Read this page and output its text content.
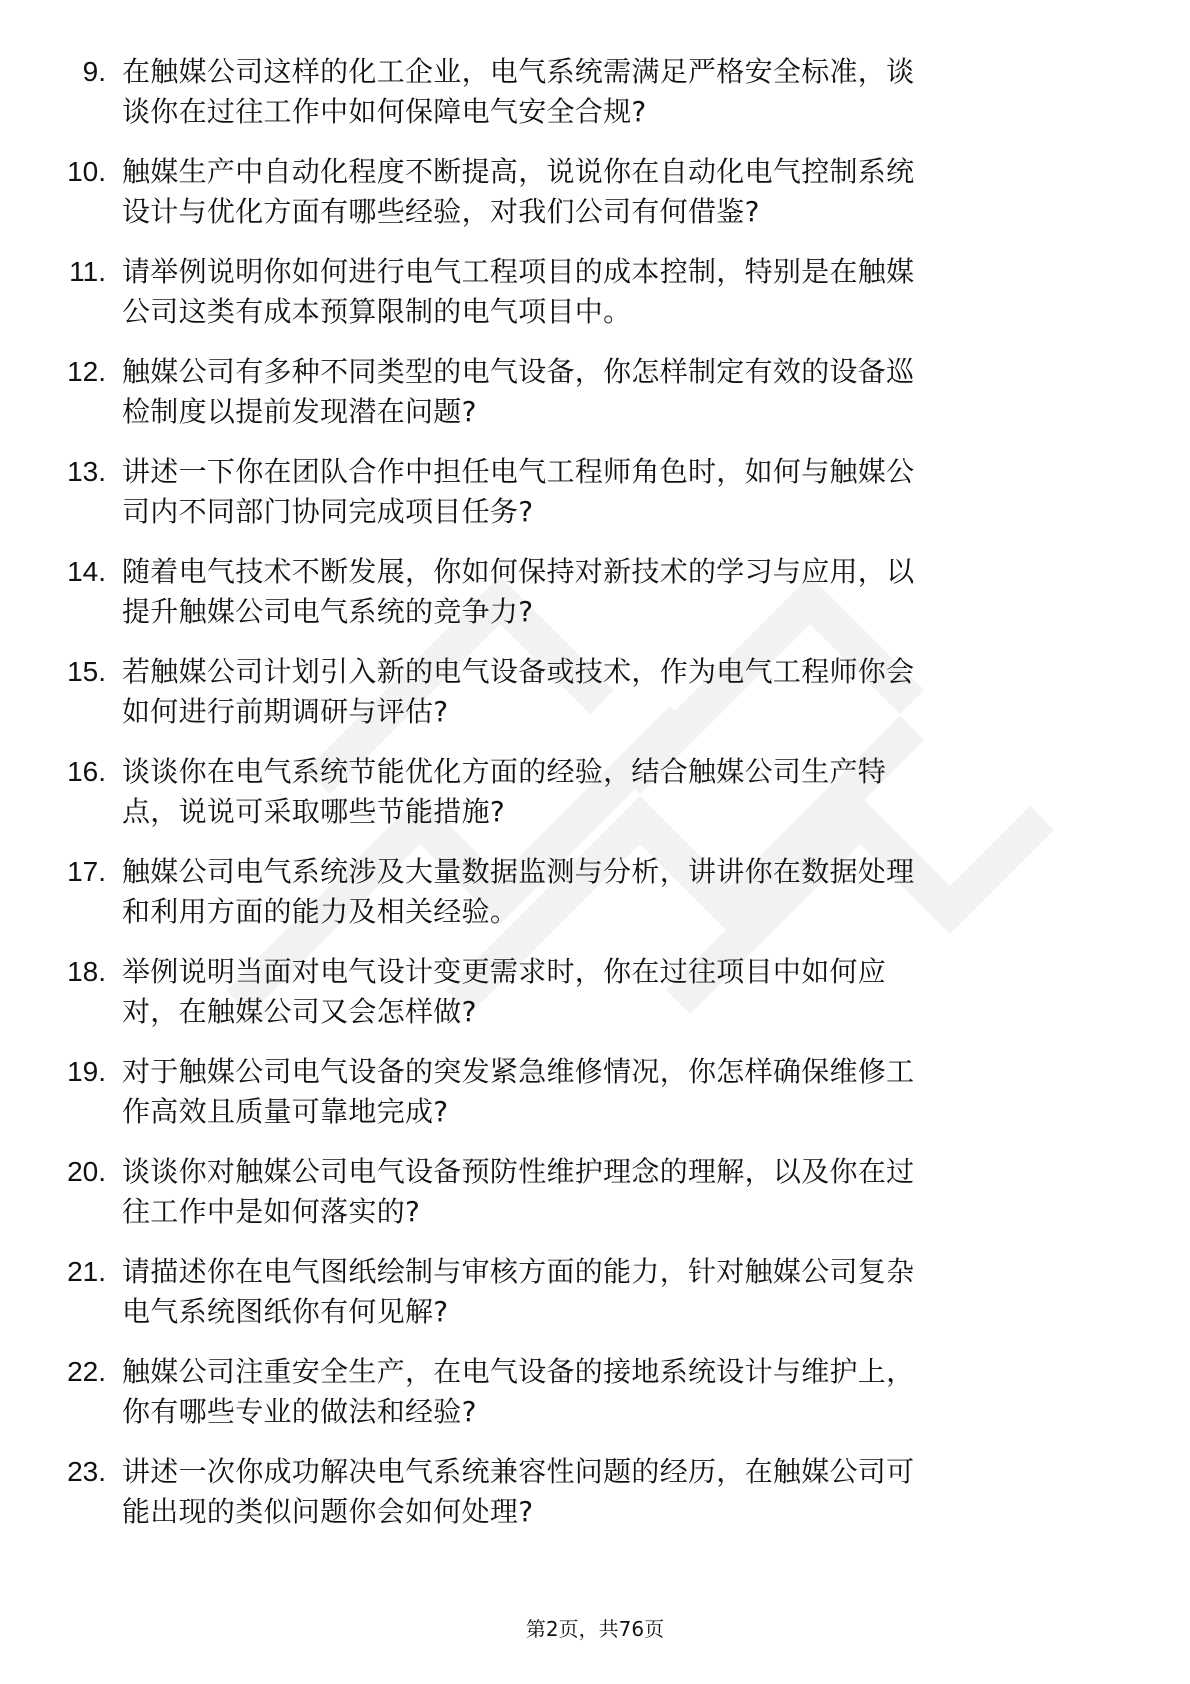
9. 在触媒公司这样的化工企业，电气系统需满足严格安全标准，谈
谈你在过往工作中如何保障电气安全合规?
10. 触媒生产中自动化程度不断提高，说说你在自动化电气控制系统
设计与优化方面有哪些经验，对我们公司有何借鉴?
11. 请举例说明你如何进行电气工程项目的成本控制，特别是在触媒
公司这类有成本预算限制的电气项目中。
12. 触媒公司有多种不同类型的电气设备，你怎样制定有效的设备巡
检制度以提前发现潜在问题?
13. 讲述一下你在团队合作中担任电气工程师角色时，如何与触媒公
司内不同部门协同完成项目任务?
14. 随着电气技术不断发展，你如何保持对新技术的学习与应用，以
提升触媒公司电气系统的竞争力?
15. 若触媒公司计划引入新的电气设备或技术，作为电气工程师你会
如何进行前期调研与评估?
16. 谈谈你在电气系统节能优化方面的经验，结合触媒公司生产特
点，说说可采取哪些节能措施?
17. 触媒公司电气系统涉及大量数据监测与分析，讲讲你在数据处理
和利用方面的能力及相关经验。
18. 举例说明当面对电气设计变更需求时，你在过往项目中如何应
对，在触媒公司又会怎样做?
19. 对于触媒公司电气设备的突发紧急维修情况，你怎样确保维修工
作高效且质量可靠地完成?
20. 谈谈你对触媒公司电气设备预防性维护理念的理解，以及你在过
往工作中是如何落实的?
21. 请描述你在电气图纸绘制与审核方面的能力，针对触媒公司复杂
电气系统图纸你有何见解?
22. 触媒公司注重安全生产，在电气设备的接地系统设计与维护上，
你有哪些专业的做法和经验?
23. 讲述一次你成功解决电气系统兼容性问题的经历，在触媒公司可
能出现的类似问题你会如何处理?
第2页，共76页
